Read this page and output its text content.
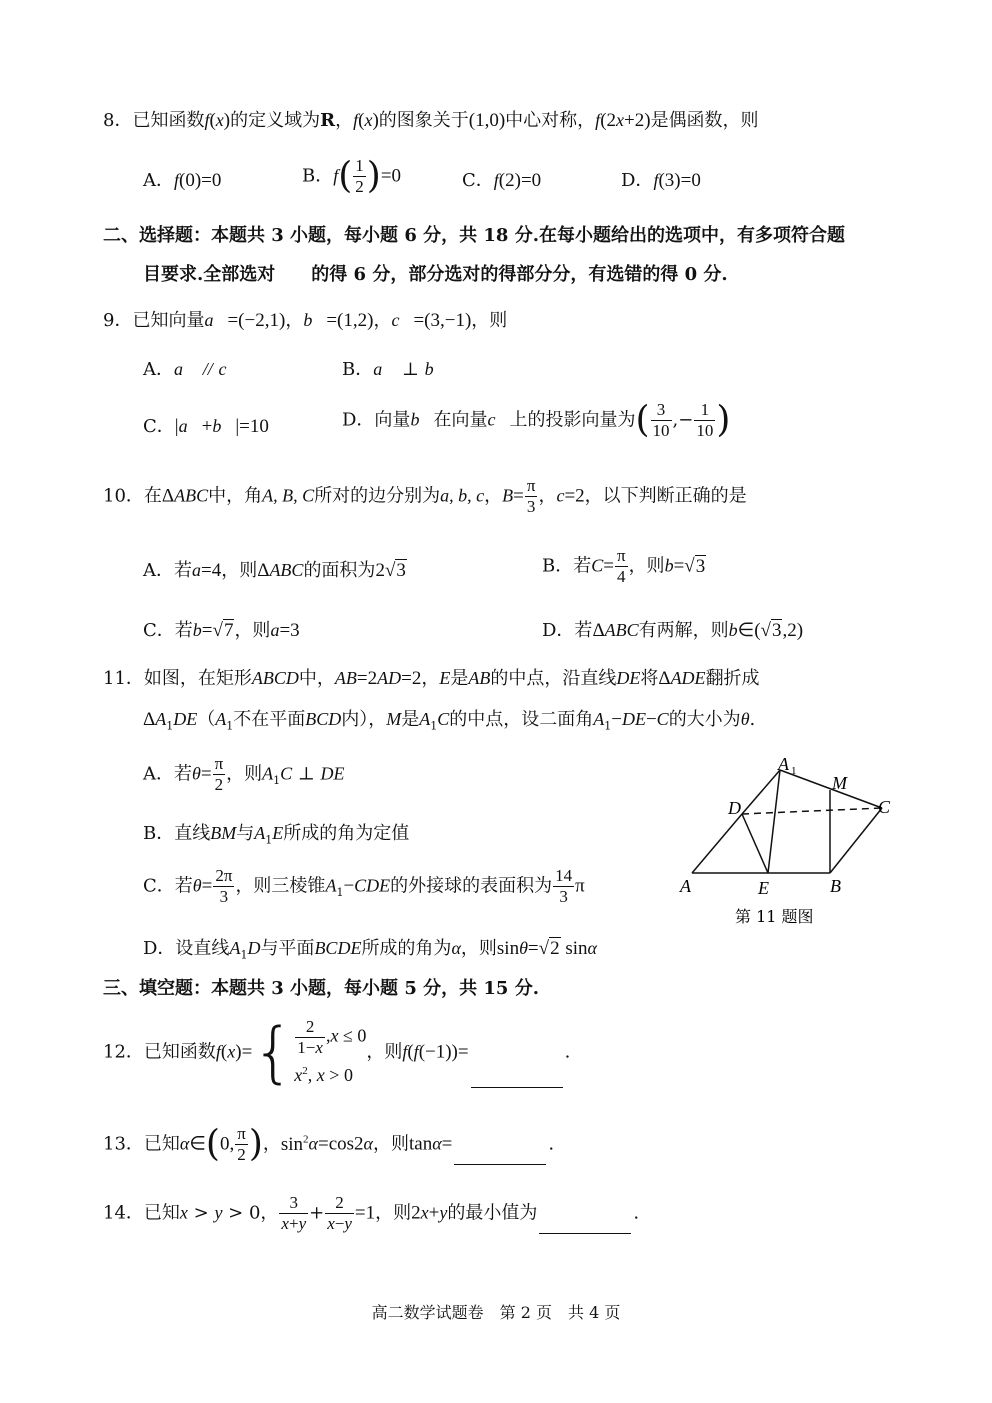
8．已知函数f(x)的定义域为R，f(x)的图象关于(1,0)中心对称，f(2x+2)是偶函数，则
A．f(0)=0	B．$f( \frac{1}{2} )=0$	C．f(2)=0	D．f(3)=0
二、选择题：本题共 3 小题，每小题 6 分，共 18 分.在每小题给出的选项中，有多项符合题
目要求.全部选对　　的得 6 分，部分选对的得部分分，有选错的得 0 分.
9．已知向量a⃗=(−2,1)，b⃗=(1,2)，c⃗=(3,−1)，则
A．a⃗ // c⃗	B．a⃗ ⊥ b⃗
C．|a⃗+b⃗|=10	D．向量b⃗在向量c⃗上的投影向量为( $\frac{3}{10}$ ,− $\frac{1}{10}$ )
10．在ΔABC中，角A, B, C所对的边分别为a, b, c，$B= \frac{\pi}{3}$ ，c=2，以下判断正确的是
A．若a=4，则ΔABC的面积为2√3	B．若$C= \frac{\pi}{4}$ ，则b=√3
C．若b=√7，则a=3	D．若ΔABC有两解，则b∈(√3,2)
11．如图，在矩形ABCD中，AB=2AD=2，E是AB的中点，沿直线DE将ΔADE翻折成
$\Delta A_1DE(A_1$不在平面BCD内），M是$A_1C$的中点，设二面角$A_1-DE-C$的大小为θ.
A．若$\theta= \frac{\pi}{2}$ ，则$A_1C$ ⊥ DE
B．直线BM与$A_1E$所成的角为定值
C．若$\theta= \frac{2\pi}{3}$ ，则三棱锥$A_1-CDE$的外接球的表面积为 $\frac{14}{3}$ π
D．设直线$A_1D$与平面BCDE所成的角为α，则sinθ=√2 sinα
A 1
M
D	C
A	E	B
第 11 题图
三、填空题：本题共 3 小题，每小题 5 分，共 15 分.
12．已知函数$f(x)=\{ \frac{2}{1-x} ,x \le 0$
$x^2$, x > 0，则f(f(−1))=	.
13．已知α∈(0, $\frac{\pi}{2}$ )，$\sin^2\alpha=\cos 2\alpha$，则tanα=	.
14．已知x > y > 0， $\frac{3}{x+y} + \frac{2}{x-y} =1$，则2x+y的最小值为	.
高二数学试题卷　第 2 页　共 4 页
